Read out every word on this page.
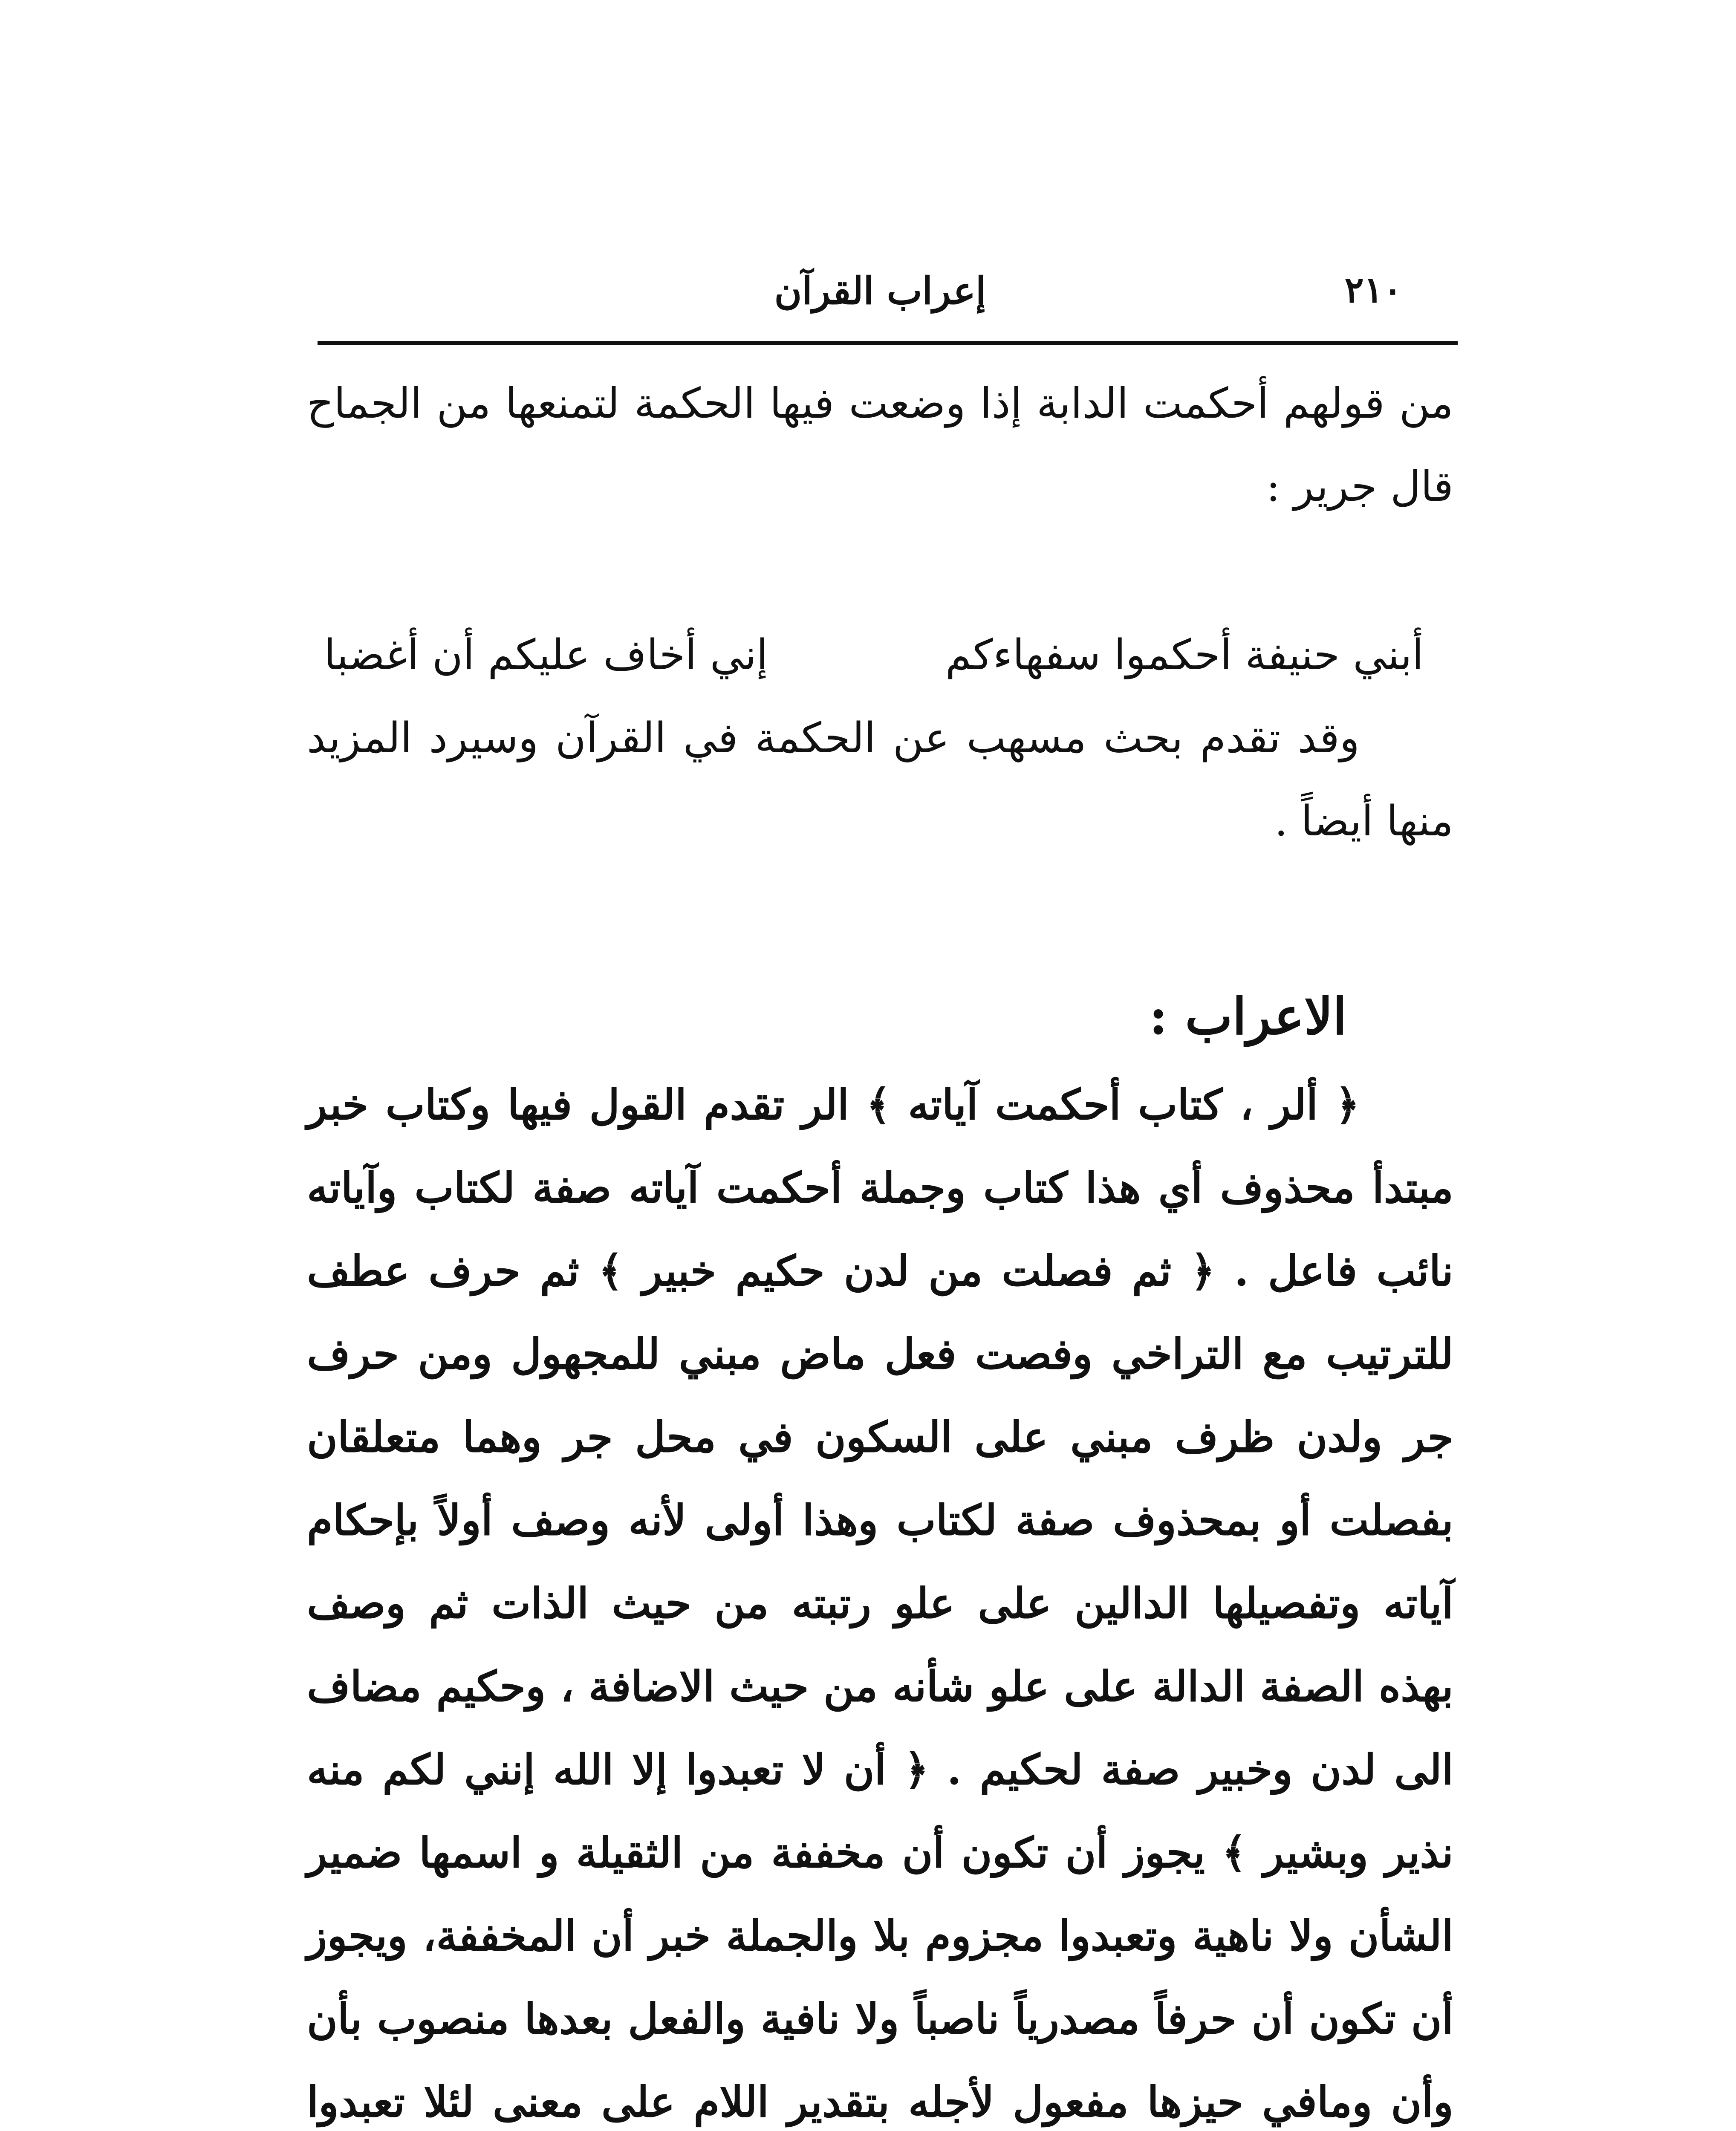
٢١٠
إعراب القرآن

من قولهم أحكمت الدابة إذا وضعت فيها الحكمة لتمنعها من الجماح قال جرير :

أبني حنيفة أحكموا سفهاءكم
إني أخاف عليكم أن أغضبا

وقد تقدم بحث مسهب عن الحكمة في القرآن وسيرد المزيد منها أيضاً .

الاعراب :

﴿ ألر ، كتاب أحكمت آياته ﴾ الر تقدم القول فيها وكتاب خبر مبتدأ محذوف أي هذا كتاب وجملة أحكمت آياته صفة لكتاب وآياته نائب فاعل . ﴿ ثم فصلت من لدن حكيم خبير ﴾ ثم حرف عطف للترتيب مع التراخي وفصت فعل ماض مبني للمجهول ومن حرف جر ولدن ظرف مبني على السكون في محل جر وهما متعلقان بفصلت أو بمحذوف صفة لكتاب وهذا أولى لأنه وصف أولاً بإحكام آياته وتفصيلها الدالين على علو رتبته من حيث الذات ثم وصف بهذه الصفة الدالة على علو شأنه من حيث الاضافة ، وحكيم مضاف الى لدن وخبير صفة لحكيم . ﴿ أن لا تعبدوا إلا الله إنني لكم منه نذير وبشير ﴾ يجوز أن تكون أن مخففة من الثقيلة و اسمها ضمير الشأن ولا ناهية وتعبدوا مجزوم بلا والجملة خبر أن المخففة، ويجوز أن تكون أن حرفاً مصدرياً ناصباً ولا نافية والفعل بعدها منصوب بأن وأن ومافي حيزها مفعول لأجله بتقدير اللام على معنى لئلا تعبدوا
